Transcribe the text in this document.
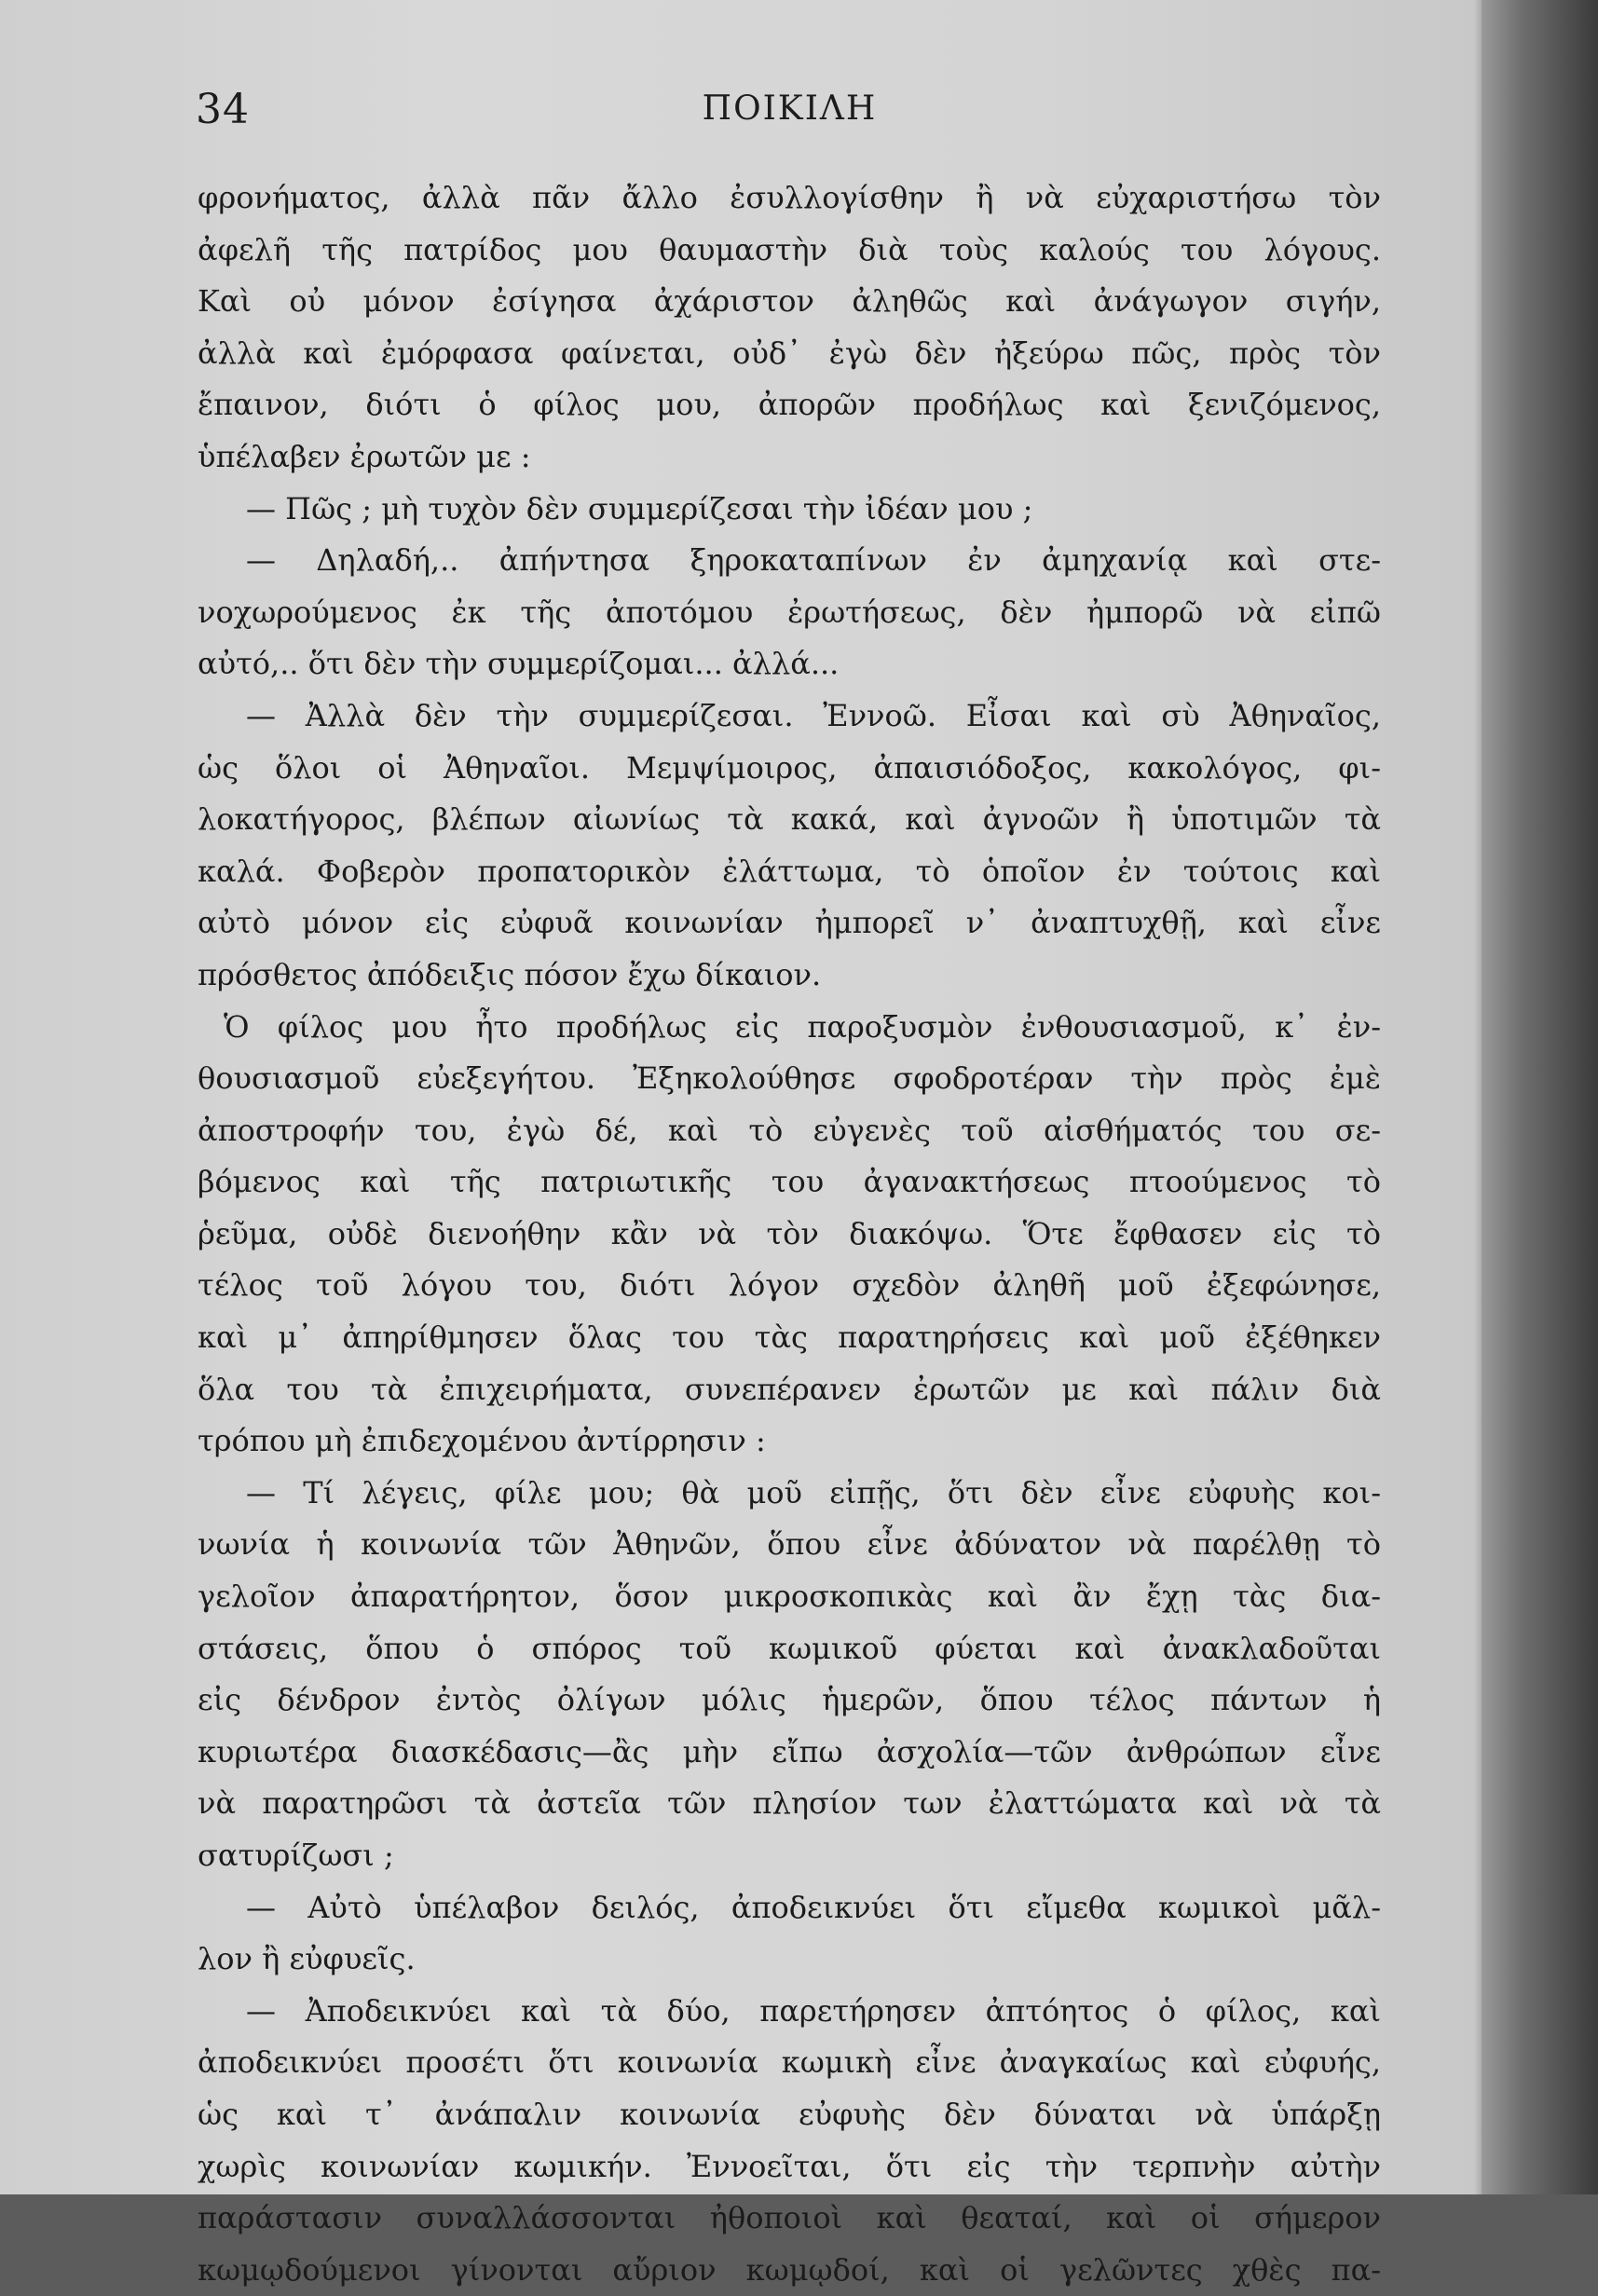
34	ΠΟΙΚΙΛΗ
φρονήματος, ἀλλὰ πᾶν ἄλλο ἐσυλλογίσθην ἢ νὰ εὐχαριστήσω τὸν
ἀφελῆ τῆς πατρίδος μου θαυμαστὴν διὰ τοὺς καλούς του λόγους.
Καὶ οὐ μόνον ἐσίγησα ἀχάριστον ἀληθῶς καὶ ἀνάγωγον σιγήν,
ἀλλὰ καὶ ἐμόρφασα φαίνεται, οὐδ᾽ ἐγὼ δὲν ἠξεύρω πῶς, πρὸς τὸν
ἔπαινον, διότι ὁ φίλος μου, ἀπορῶν προδήλως καὶ ξενιζόμενος,
ὑπέλαβεν ἐρωτῶν με :
— Πῶς ; μὴ τυχὸν δὲν συμμερίζεσαι τὴν ἰδέαν μου ;
— Δηλαδή,.. ἀπήντησα ξηροκαταπίνων ἐν ἀμηχανίᾳ καὶ στε-
νοχωρούμενος ἐκ τῆς ἀποτόμου ἐρωτήσεως, δὲν ἠμπορῶ νὰ εἰπῶ
αὐτό,.. ὅτι δὲν τὴν συμμερίζομαι... ἀλλά...
— Ἀλλὰ δὲν τὴν συμμερίζεσαι. Ἐννοῶ. Εἶσαι καὶ σὺ Ἀθηναῖος,
ὡς ὅλοι οἱ Ἀθηναῖοι. Μεμψίμοιρος, ἀπαισιόδοξος, κακολόγος, φι-
λοκατήγορος, βλέπων αἰωνίως τὰ κακά, καὶ ἀγνοῶν ἢ ὑποτιμῶν τὰ
καλά. Φοβερὸν προπατορικὸν ἐλάττωμα, τὸ ὁποῖον ἐν τούτοις καὶ
αὐτὸ μόνον εἰς εὐφυᾶ κοινωνίαν ἠμπορεῖ ν᾽ ἀναπτυχθῇ, καὶ εἶνε
πρόσθετος ἀπόδειξις πόσον ἔχω δίκαιον.
Ὁ φίλος μου ἦτο προδήλως εἰς παροξυσμὸν ἐνθουσιασμοῦ, κ᾽ ἐν-
θουσιασμοῦ εὐεξεγήτου. Ἐξηκολούθησε σφοδροτέραν τὴν πρὸς ἐμὲ
ἀποστροφήν του, ἐγὼ δέ, καὶ τὸ εὐγενὲς τοῦ αἰσθήματός του σε-
βόμενος καὶ τῆς πατριωτικῆς του ἀγανακτήσεως πτοούμενος τὸ
ῥεῦμα, οὐδὲ διενοήθην κἂν νὰ τὸν διακόψω. Ὅτε ἔφθασεν εἰς τὸ
τέλος τοῦ λόγου του, διότι λόγον σχεδὸν ἀληθῆ μοῦ ἐξεφώνησε,
καὶ μ᾽ ἀπηρίθμησεν ὅλας του τὰς παρατηρήσεις καὶ μοῦ ἐξέθηκεν
ὅλα του τὰ ἐπιχειρήματα, συνεπέρανεν ἐρωτῶν με καὶ πάλιν διὰ
τρόπου μὴ ἐπιδεχομένου ἀντίρρησιν :
— Τί λέγεις, φίλε μου; θὰ μοῦ εἰπῇς, ὅτι δὲν εἶνε εὐφυὴς κοι-
νωνία ἡ κοινωνία τῶν Ἀθηνῶν, ὅπου εἶνε ἀδύνατον νὰ παρέλθῃ τὸ
γελοῖον ἀπαρατήρητον, ὅσον μικροσκοπικὰς καὶ ἂν ἔχῃ τὰς δια-
στάσεις, ὅπου ὁ σπόρος τοῦ κωμικοῦ φύεται καὶ ἀνακλαδοῦται
εἰς δένδρον ἐντὸς ὀλίγων μόλις ἡμερῶν, ὅπου τέλος πάντων ἡ
κυριωτέρα διασκέδασις—ἂς μὴν εἴπω ἀσχολία—τῶν ἀνθρώπων εἶνε
νὰ παρατηρῶσι τὰ ἀστεῖα τῶν πλησίον των ἐλαττώματα καὶ νὰ τὰ
σατυρίζωσι ;
— Αὐτὸ ὑπέλαβον δειλός, ἀποδεικνύει ὅτι εἴμεθα κωμικοὶ μᾶλ-
λον ἢ εὐφυεῖς.
— Ἀποδεικνύει καὶ τὰ δύο, παρετήρησεν ἀπτόητος ὁ φίλος, καὶ
ἀποδεικνύει προσέτι ὅτι κοινωνία κωμικὴ εἶνε ἀναγκαίως καὶ εὐφυής,
ὡς καὶ τ᾽ ἀνάπαλιν κοινωνία εὐφυὴς δὲν δύναται νὰ ὑπάρξῃ
χωρὶς κοινωνίαν κωμικήν. Ἐννοεῖται, ὅτι εἰς τὴν τερπνὴν αὐτὴν
παράστασιν συναλλάσσονται ἠθοποιοὶ καὶ θεαταί, καὶ οἱ σήμερον
κωμῳδούμενοι γίνονται αὔριον κωμῳδοί, καὶ οἱ γελῶντες χθὲς πα-
